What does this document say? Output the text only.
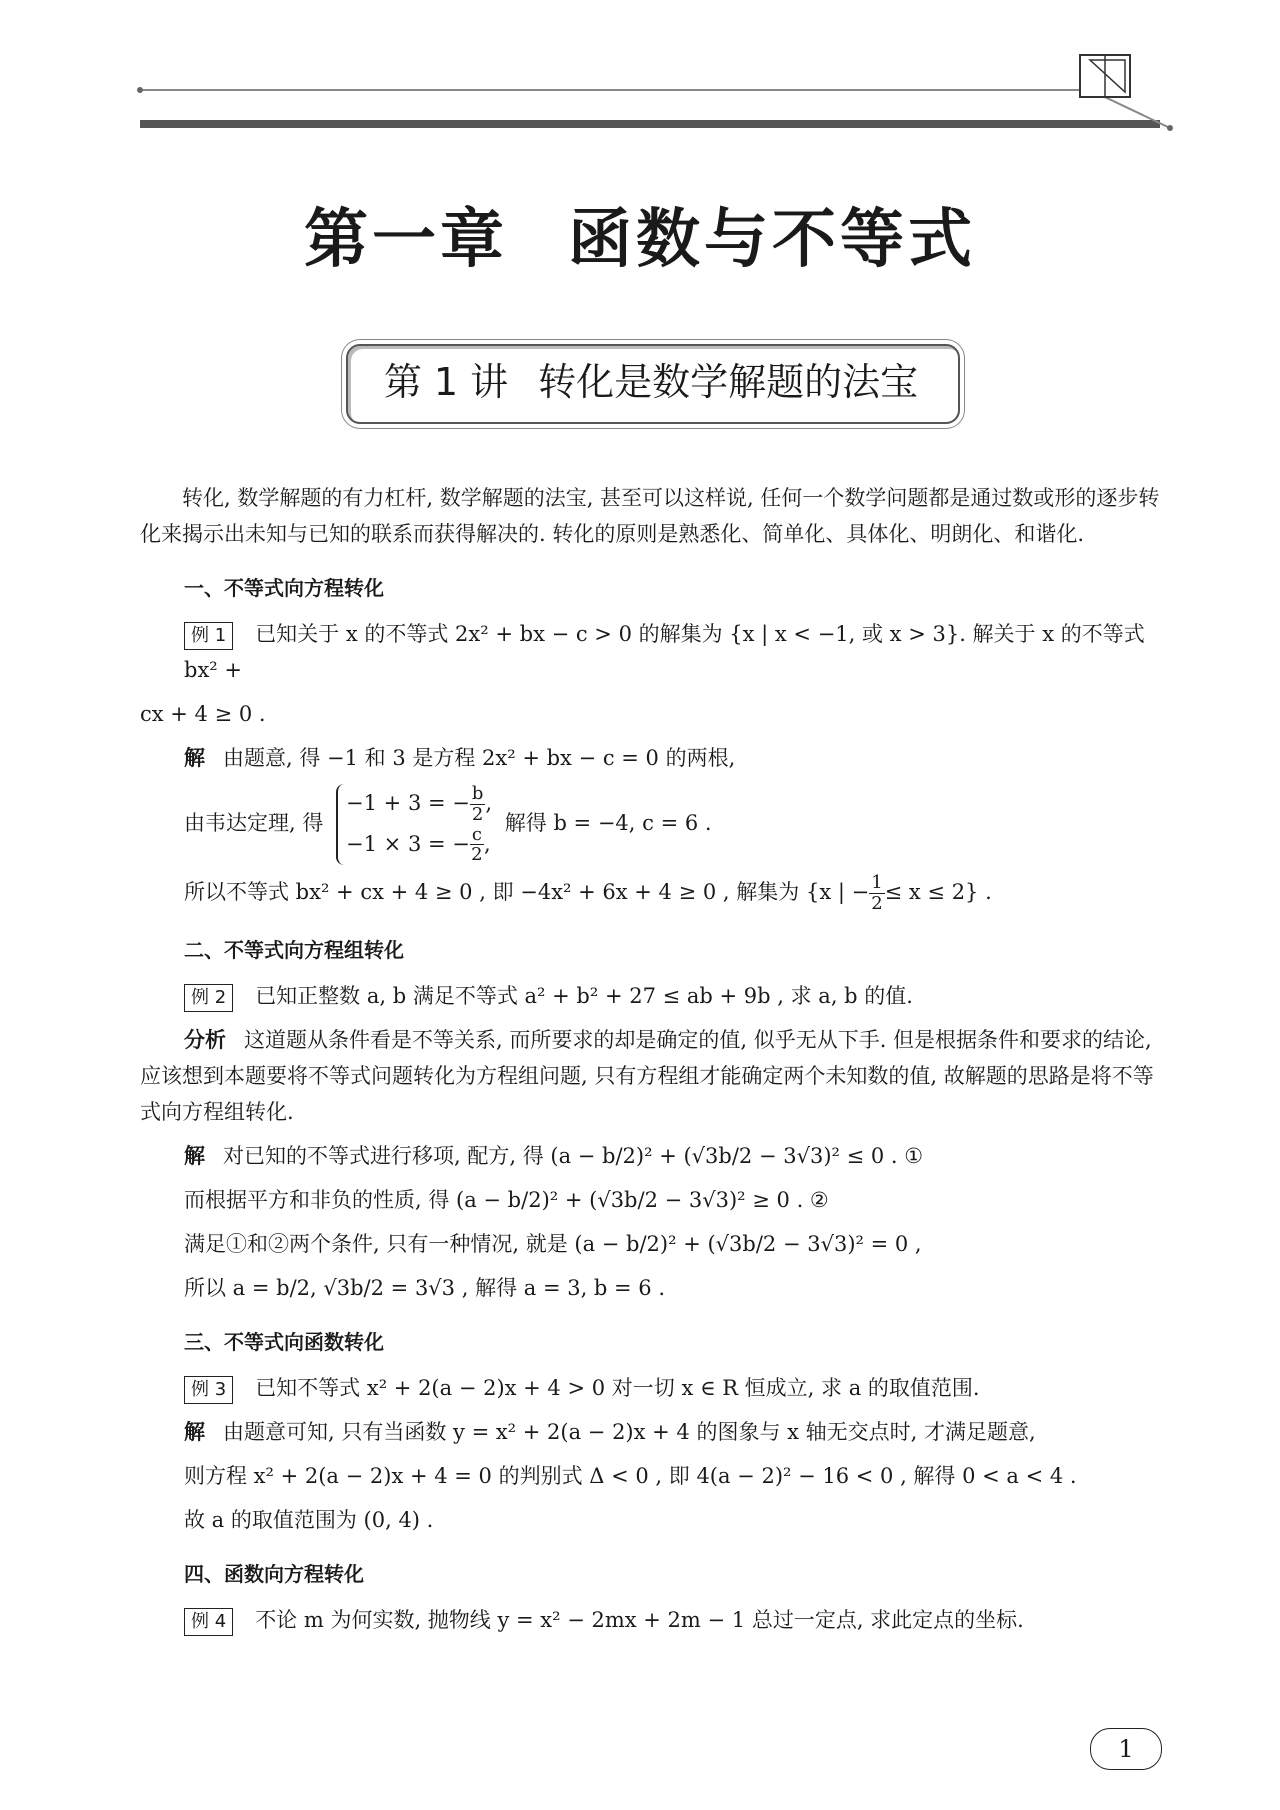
第一章 函数与不等式
第 1 讲 转化是数学解题的法宝

转化, 数学解题的有力杠杆, 数学解题的法宝, 甚至可以这样说, 任何一个数学问题都是通过数或形的逐步转化来揭示出未知与已知的联系而获得解决的. 转化的原则是熟悉化、简单化、具体化、明朗化、和谐化.

一、不等式向方程转化

例 1 已知关于 x 的不等式 2x² + bx − c > 0 的解集为 {x | x < −1, 或 x > 3}. 解关于 x 的不等式 bx² +

cx + 4 ≥ 0 .

解 由题意, 得 −1 和 3 是方程 2x² + bx − c = 0 的两根,

由韦达定理, 得
−1 + 3 = − $\frac{b}{2}$ ,
−1 × 3 = − $\frac{c}{2}$ ,
解得 b = −4, c = 6 .

所以不等式 bx² + cx + 4 ≥ 0 , 即 −4x² + 6x + 4 ≥ 0 , 解集为 {x | − $\frac{1}{2} \le x \le 2$} .

二、不等式向方程组转化

例 2 已知正整数 a, b 满足不等式 a² + b² + 27 ≤ ab + 9b , 求 a, b 的值.

分析 这道题从条件看是不等关系, 而所要求的却是确定的值, 似乎无从下手. 但是根据条件和要求的结论, 应该想到本题要将不等式问题转化为方程组问题, 只有方程组才能确定两个未知数的值, 故解题的思路是将不等式向方程组转化.

解 对已知的不等式进行移项, 配方, 得 (a − b/2)² + (√3b/2 − 3√3)² ≤ 0 . ①

而根据平方和非负的性质, 得 (a − b/2)² + (√3b/2 − 3√3)² ≥ 0 . ②

满足①和②两个条件, 只有一种情况, 就是 (a − b/2)² + (√3b/2 − 3√3)² = 0 ,

所以 a = b/2, √3b/2 = 3√3 , 解得 a = 3, b = 6 .

三、不等式向函数转化

例 3 已知不等式 x² + 2(a − 2)x + 4 > 0 对一切 x ∈ R 恒成立, 求 a 的取值范围.

解 由题意可知, 只有当函数 y = x² + 2(a − 2)x + 4 的图象与 x 轴无交点时, 才满足题意,

则方程 x² + 2(a − 2)x + 4 = 0 的判别式 Δ < 0 , 即 4(a − 2)² − 16 < 0 , 解得 0 < a < 4 .

故 a 的取值范围为 (0, 4) .

四、函数向方程转化

例 4 不论 m 为何实数, 抛物线 y = x² − 2mx + 2m − 1 总过一定点, 求此定点的坐标.

1
